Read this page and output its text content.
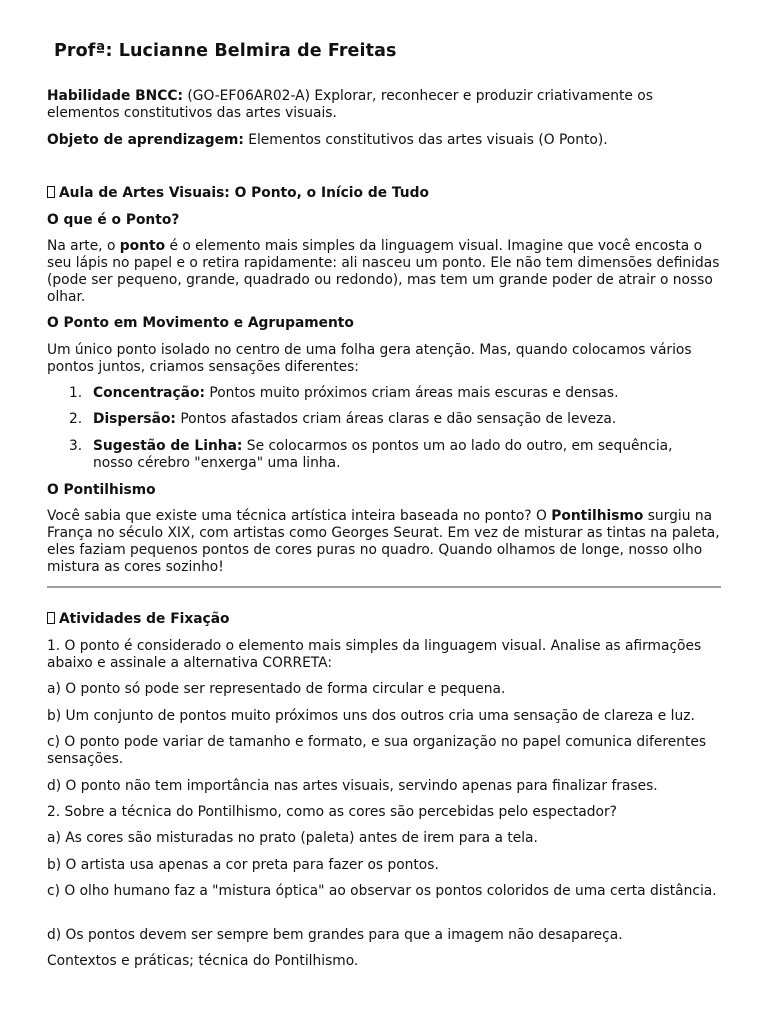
Profª: Lucianne Belmira de Freitas

Habilidade BNCC: (GO-EF06AR02-A) Explorar, reconhecer e produzir criativamente os elementos constitutivos das artes visuais.

Objeto de aprendizagem: Elementos constitutivos das artes visuais (O Ponto).

Aula de Artes Visuais: O Ponto, o Início de Tudo

O que é o Ponto?

Na arte, o ponto é o elemento mais simples da linguagem visual. Imagine que você encosta o seu lápis no papel e o retira rapidamente: ali nasceu um ponto. Ele não tem dimensões definidas (pode ser pequeno, grande, quadrado ou redondo), mas tem um grande poder de atrair o nosso olhar.

O Ponto em Movimento e Agrupamento

Um único ponto isolado no centro de uma folha gera atenção. Mas, quando colocamos vários pontos juntos, criamos sensações diferentes:

1. Concentração: Pontos muito próximos criam áreas mais escuras e densas.
2. Dispersão: Pontos afastados criam áreas claras e dão sensação de leveza.
3. Sugestão de Linha: Se colocarmos os pontos um ao lado do outro, em sequência, nosso cérebro "enxerga" uma linha.

O Pontilhismo

Você sabia que existe uma técnica artística inteira baseada no ponto? O Pontilhismo surgiu na França no século XIX, com artistas como Georges Seurat. Em vez de misturar as tintas na paleta, eles faziam pequenos pontos de cores puras no quadro. Quando olhamos de longe, nosso olho mistura as cores sozinho!

Atividades de Fixação

1. O ponto é considerado o elemento mais simples da linguagem visual. Analise as afirmações abaixo e assinale a alternativa CORRETA:

a) O ponto só pode ser representado de forma circular e pequena.

b) Um conjunto de pontos muito próximos uns dos outros cria uma sensação de clareza e luz.

c) O ponto pode variar de tamanho e formato, e sua organização no papel comunica diferentes sensações.

d) O ponto não tem importância nas artes visuais, servindo apenas para finalizar frases.

2. Sobre a técnica do Pontilhismo, como as cores são percebidas pelo espectador?

a) As cores são misturadas no prato (paleta) antes de irem para a tela.

b) O artista usa apenas a cor preta para fazer os pontos.

c) O olho humano faz a "mistura óptica" ao observar os pontos coloridos de uma certa distância.

d) Os pontos devem ser sempre bem grandes para que a imagem não desapareça.

Contextos e práticas; técnica do Pontilhismo.
